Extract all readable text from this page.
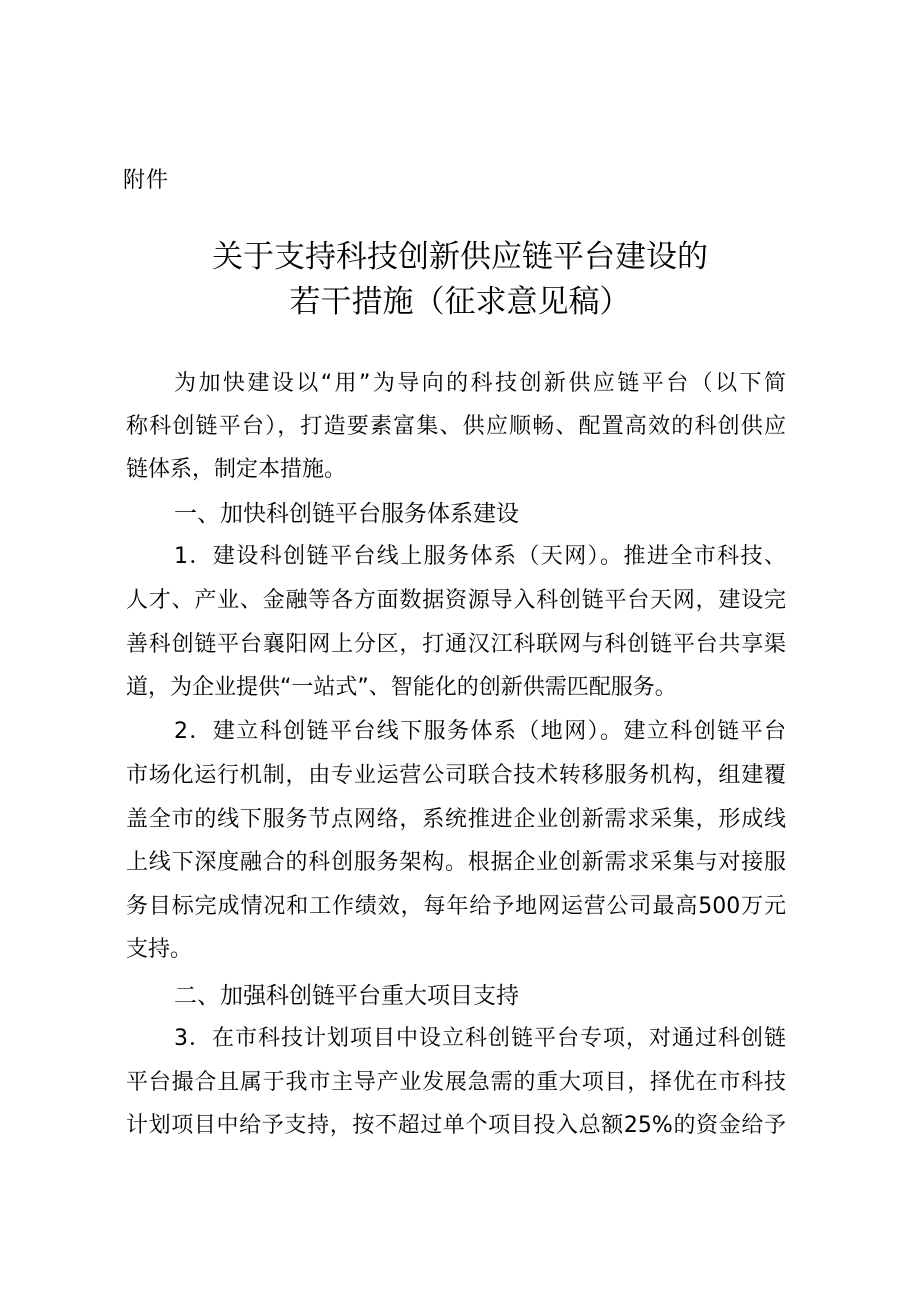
附件
关于支持科技创新供应链平台建设的
若干措施（征求意见稿）
为加快建设以“用”为导向的科技创新供应链平台（以下简
称科创链平台），打造要素富集、供应顺畅、配置高效的科创供应
链体系，制定本措施。
一、加快科创链平台服务体系建设
1．建设科创链平台线上服务体系（天网）。推进全市科技、
人才、产业、金融等各方面数据资源导入科创链平台天网，建设完
善科创链平台襄阳网上分区，打通汉江科联网与科创链平台共享渠
道，为企业提供“一站式”、智能化的创新供需匹配服务。
2．建立科创链平台线下服务体系（地网）。建立科创链平台
市场化运行机制，由专业运营公司联合技术转移服务机构，组建覆
盖全市的线下服务节点网络，系统推进企业创新需求采集，形成线
上线下深度融合的科创服务架构。根据企业创新需求采集与对接服
务目标完成情况和工作绩效，每年给予地网运营公司最高500万元
支持。
二、加强科创链平台重大项目支持
3．在市科技计划项目中设立科创链平台专项，对通过科创链
平台撮合且属于我市主导产业发展急需的重大项目，择优在市科技
计划项目中给予支持，按不超过单个项目投入总额25%的资金给予
